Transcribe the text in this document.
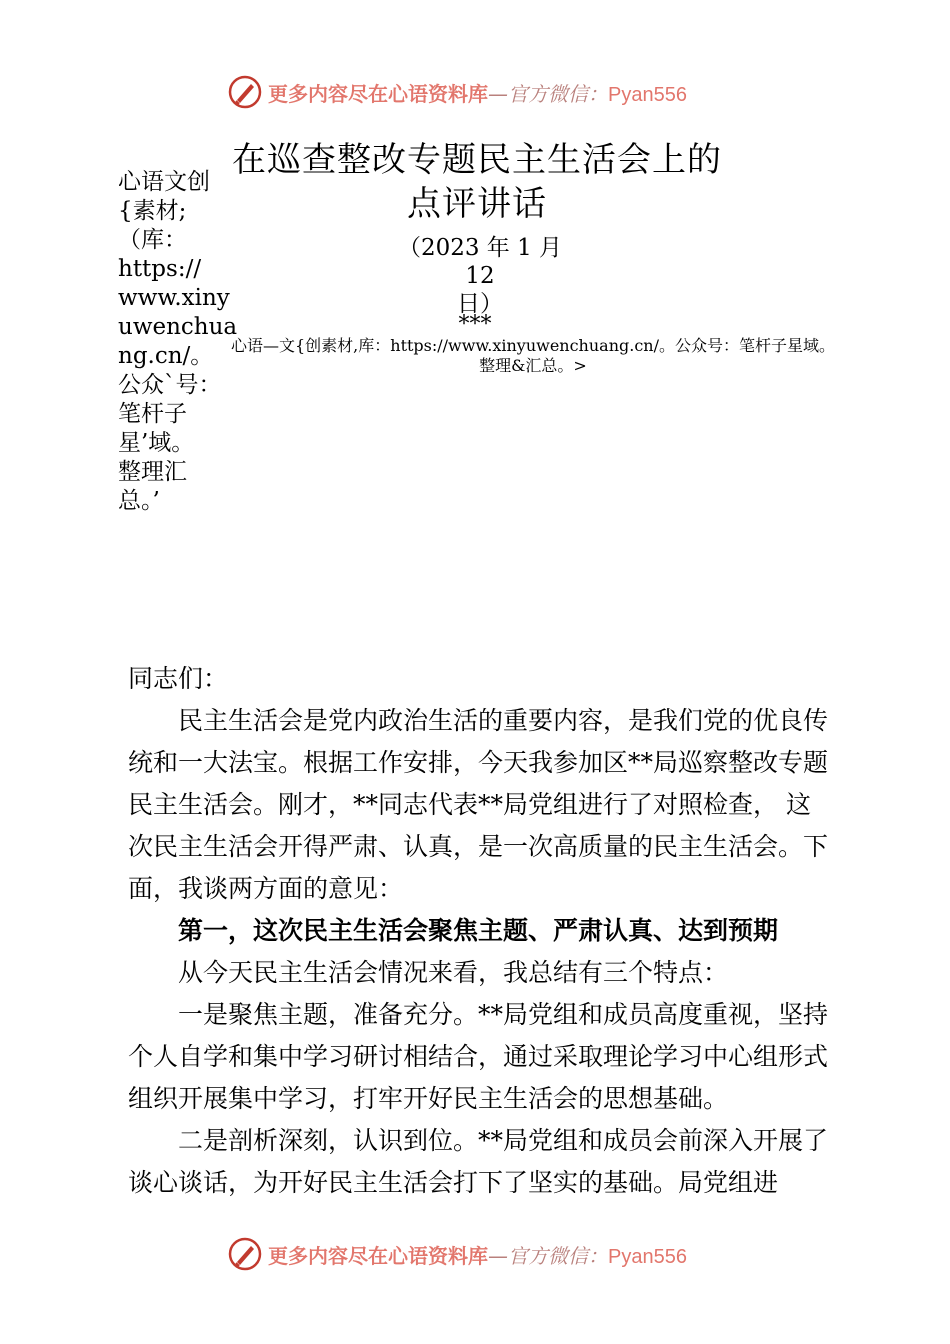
更多内容尽在心语资料库—官方微信：Pyan556
心语文创
{素材;
（库：
https://
www.xiny
uwenchua
ng.cn/。
公众`号：
笔杆子
星’域。
整理汇
总。’
在巡查整改专题民主生活会上的
点评讲话
（2023 年 1 月 12
日）
***
心语—文{创素材,库：https://www.xinyuwenchuang.cn/。公众号：笔杆子星域。整理&汇总。>

同志们：

民主生活会是党内政治生活的重要内容，是我们党的优良传统和一大法宝。根据工作安排，今天我参加区**局巡察整改专题民主生活会。刚才，**同志代表**局党组进行了对照检查， 这次民主生活会开得严肃、认真，是一次高质量的民主生活会。下面，我谈两方面的意见：

第一，这次民主生活会聚焦主题、严肃认真、达到预期

从今天民主生活会情况来看，我总结有三个特点：

一是聚焦主题，准备充分。**局党组和成员高度重视，坚持个人自学和集中学习研讨相结合，通过采取理论学习中心组形式组织开展集中学习，打牢开好民主生活会的思想基础。

二是剖析深刻，认识到位。**局党组和成员会前深入开展了谈心谈话，为开好民主生活会打下了坚实的基础。局党组进

更多内容尽在心语资料库—官方微信：Pyan556
